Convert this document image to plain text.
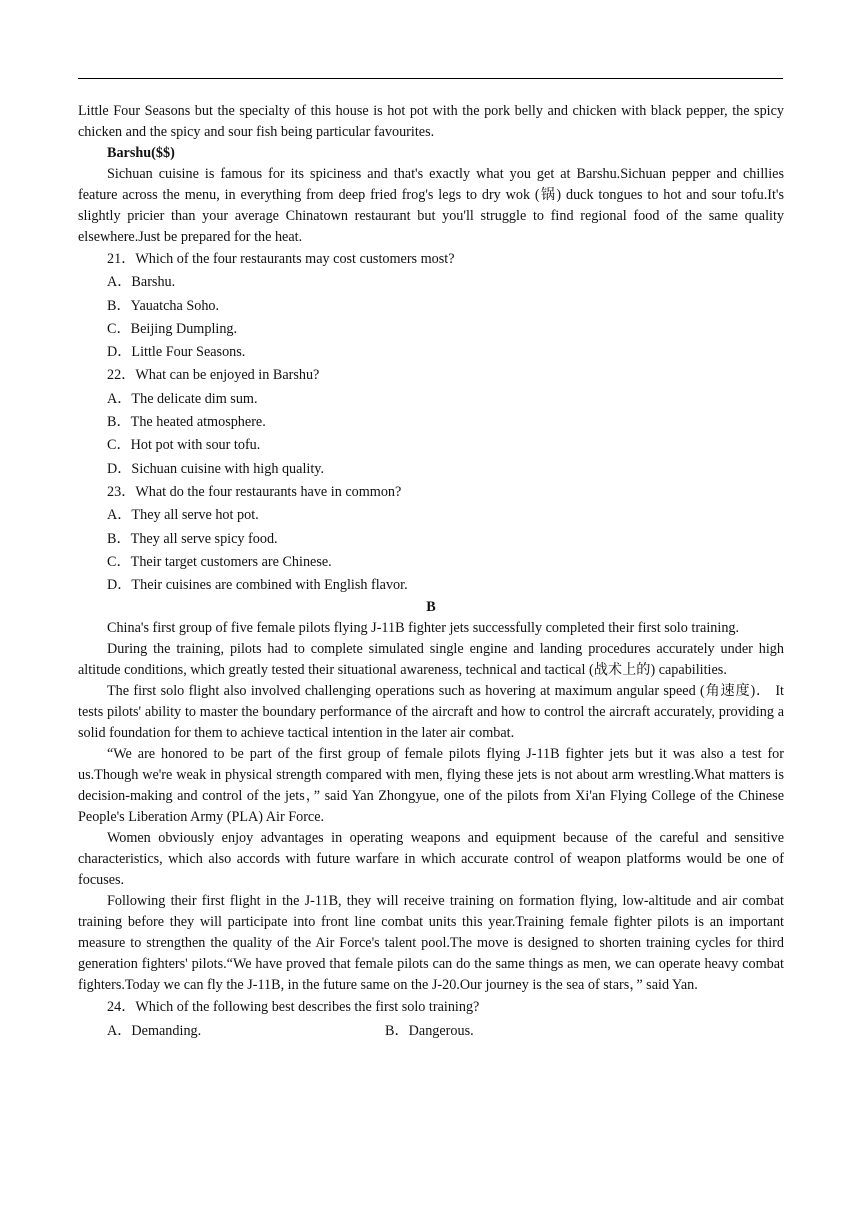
Little Four Seasons but the specialty of this house is hot pot with the pork belly and chicken with black pepper, the spicy chicken and the spicy and sour fish being particular favourites.

Barshu($$)

Sichuan cuisine is famous for its spiciness and that's exactly what you get at Barshu.Sichuan pepper and chillies feature across the menu, in everything from deep fried frog's legs to dry wok (锅) duck tongues to hot and sour tofu.It's slightly pricier than your average Chinatown restaurant but you'll struggle to find regional food of the same quality elsewhere.Just be prepared for the heat.

21．Which of the four restaurants may cost customers most?

A．Barshu.

B．Yauatcha Soho.

C．Beijing Dumpling.

D．Little Four Seasons.

22．What can be enjoyed in Barshu?

A．The delicate dim sum.

B．The heated atmosphere.

C．Hot pot with sour tofu.

D．Sichuan cuisine with high quality.

23．What do the four restaurants have in common?

A．They all serve hot pot.

B．They all serve spicy food.

C．Their target customers are Chinese.

D．Their cuisines are combined with English flavor.

B

China's first group of five female pilots flying J-11B fighter jets successfully completed their first solo training.

During the training, pilots had to complete simulated single engine and landing procedures accurately under high altitude conditions, which greatly tested their situational awareness, technical and tactical (战术上的) capabilities.

The first solo flight also involved challenging operations such as hovering at maximum angular speed (角速度)． It tests pilots' ability to master the boundary performance of the aircraft and how to control the aircraft accurately, providing a solid foundation for them to achieve tactical intention in the later air combat.

“We are honored to be part of the first group of female pilots flying J-11B fighter jets but it was also a test for us.Though we're weak in physical strength compared with men, flying these jets is not about arm wrestling.What matters is decision-making and control of the jets，” said Yan Zhongyue, one of the pilots from Xi'an Flying College of the Chinese People's Liberation Army (PLA) Air Force.

Women obviously enjoy advantages in operating weapons and equipment because of the careful and sensitive characteristics, which also accords with future warfare in which accurate control of weapon platforms would be one of focuses.

Following their first flight in the J-11B, they will receive training on formation flying, low-altitude and air combat training before they will participate into front line combat units this year.Training female fighter pilots is an important measure to strengthen the quality of the Air Force's talent pool.The move is designed to shorten training cycles for third generation fighters' pilots.“We have proved that female pilots can do the same things as men, we can operate heavy combat fighters.Today we can fly the J-11B, in the future same on the J-20.Our journey is the sea of stars，” said Yan.

24．Which of the following best describes the first solo training?

A．Demanding.	B．Dangerous.
